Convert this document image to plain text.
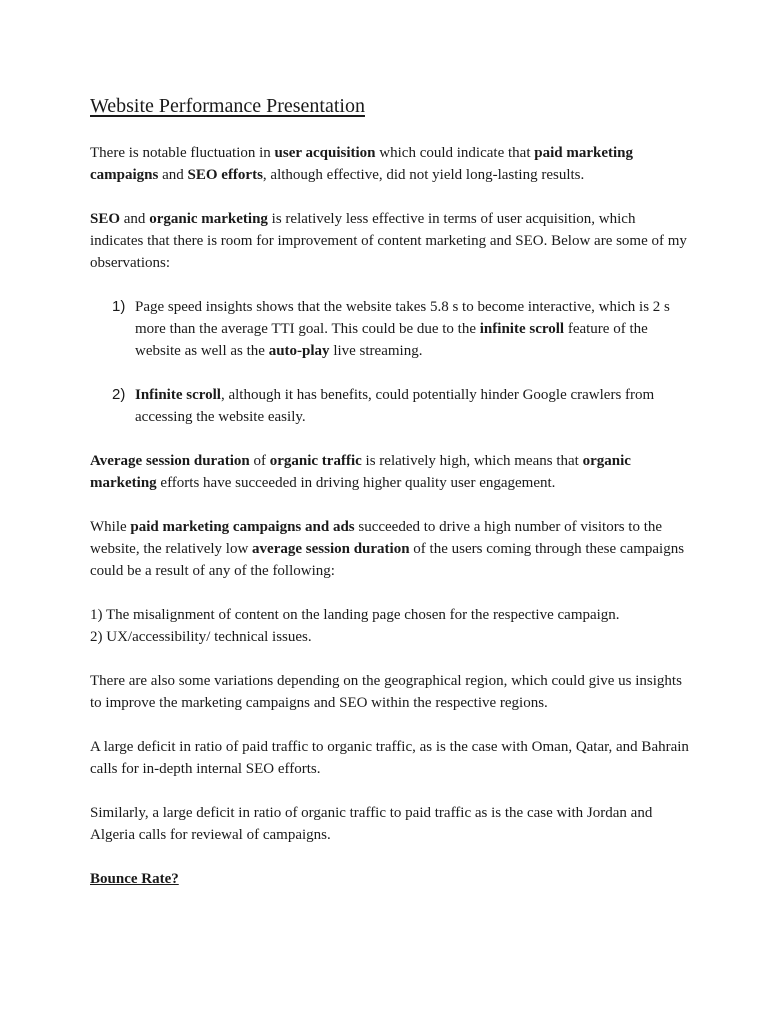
Website Performance Presentation

There is notable fluctuation in user acquisition which could indicate that paid marketing campaigns and SEO efforts, although effective, did not yield long-lasting results.

SEO and organic marketing is relatively less effective in terms of user acquisition, which indicates that there is room for improvement of content marketing and SEO. Below are some of my observations:

1) Page speed insights shows that the website takes 5.8 s to become interactive, which is 2 s more than the average TTI goal. This could be due to the infinite scroll feature of the website as well as the auto-play live streaming.
2) Infinite scroll, although it has benefits, could potentially hinder Google crawlers from accessing the website easily.

Average session duration of organic traffic is relatively high, which means that organic marketing efforts have succeeded in driving higher quality user engagement.

While paid marketing campaigns and ads succeeded to drive a high number of visitors to the website, the relatively low average session duration of the users coming through these campaigns could be a result of any of the following:

1) The misalignment of content on the landing page chosen for the respective campaign.
2) UX/accessibility/ technical issues.

There are also some variations depending on the geographical region, which could give us insights to improve the marketing campaigns and SEO within the respective regions.

A large deficit in ratio of paid traffic to organic traffic, as is the case with Oman, Qatar, and Bahrain calls for in-depth internal SEO efforts.

Similarly, a large deficit in ratio of organic traffic to paid traffic as is the case with Jordan and Algeria calls for reviewal of campaigns.

Bounce Rate?
